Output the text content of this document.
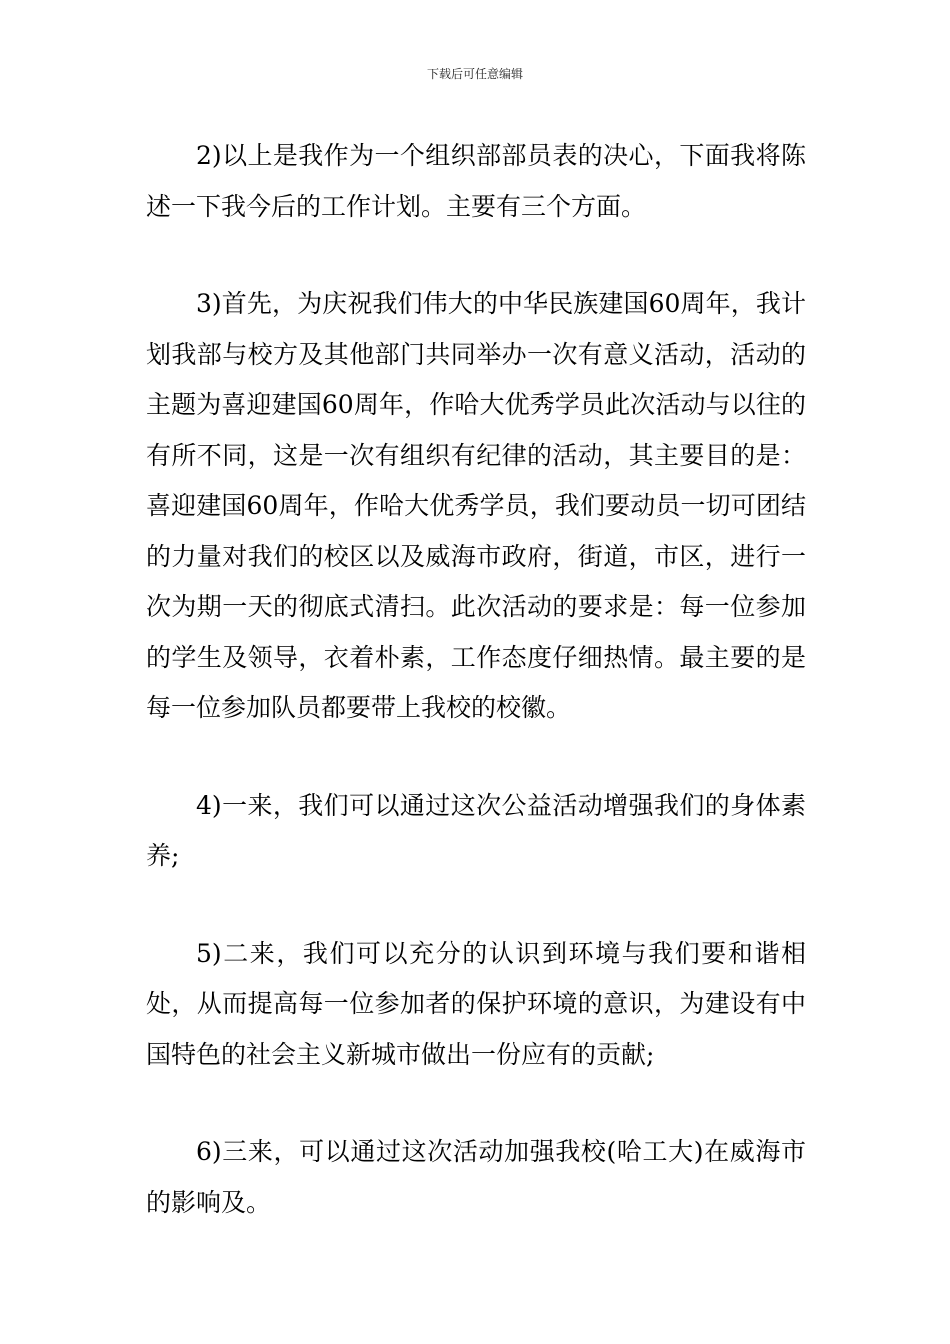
下载后可任意编辑

2)以上是我作为一个组织部部员表的决心，下面我将陈述一下我今后的工作计划。主要有三个方面。

3)首先，为庆祝我们伟大的中华民族建国60周年，我计划我部与校方及其他部门共同举办一次有意义活动，活动的主题为喜迎建国60周年，作哈大优秀学员此次活动与以往的有所不同，这是一次有组织有纪律的活动，其主要目的是：喜迎建国60周年，作哈大优秀学员，我们要动员一切可团结的力量对我们的校区以及威海市政府，街道，市区，进行一次为期一天的彻底式清扫。此次活动的要求是：每一位参加的学生及领导，衣着朴素，工作态度仔细热情。最主要的是每一位参加队员都要带上我校的校徽。

4)一来，我们可以通过这次公益活动增强我们的身体素养;

5)二来，我们可以充分的认识到环境与我们要和谐相处，从而提高每一位参加者的保护环境的意识，为建设有中国特色的社会主义新城市做出一份应有的贡献;

6)三来，可以通过这次活动加强我校(哈工大)在威海市的影响及。
